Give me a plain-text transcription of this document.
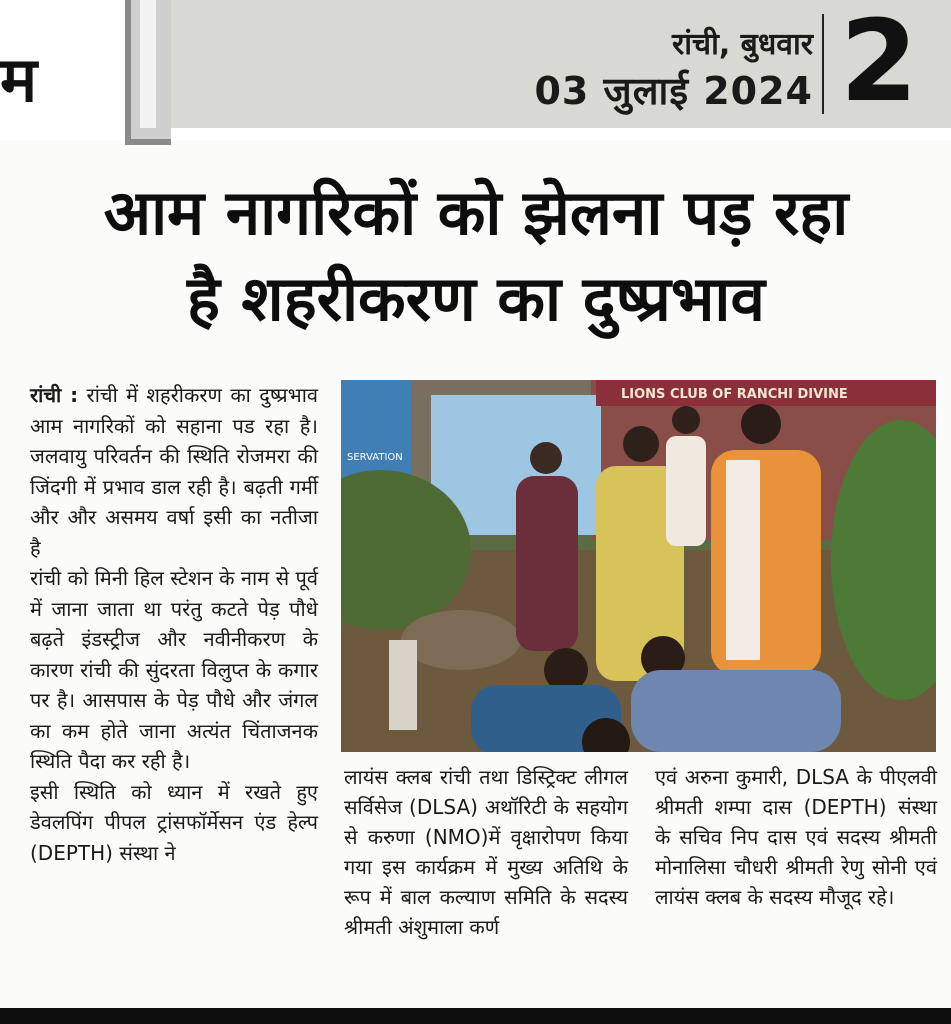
म	रांची, बुधवार
03 जुलाई 2024 2
आम नागरिकों को झेलना पड़ रहा
है शहरीकरण का दुष्प्रभाव

रांची : रांची में शहरीकरण का दुष्प्रभाव आम नागरिकों को सहाना पड रहा है। जलवायु परिवर्तन की स्थिति रोजमरा की जिंदगी में प्रभाव डाल रही है। बढ़ती गर्मी और और असमय वर्षा इसी का नतीजा है

रांची को मिनी हिल स्टेशन के नाम से पूर्व में जाना जाता था परंतु कटते पेड़ पौधे बढ़ते इंडस्ट्रीज और नवीनीकरण के कारण रांची की सुंदरता विलुप्त के कगार पर है। आसपास के पेड़ पौधे और जंगल का कम होते जाना अत्यंत चिंताजनक स्थिति पैदा कर रही है।

इसी स्थिति को ध्यान में रखते हुए डेवलपिंग पीपल ट्रांसफॉर्मेसन एंड हेल्प (DEPTH) संस्था ने

SERVATION
LIONS CLUB OF RANCHI DIVINE
लायंस क्लब रांची तथा डिस्ट्रिक्ट लीगल सर्विसेज (DLSA) अथॉरिटी के सहयोग से करुणा (NMO)में वृक्षारोपण किया गया इस कार्यक्रम में मुख्य अतिथि के रूप में बाल कल्याण समिति के सदस्य श्रीमती अंशुमाला कर्ण
एवं अरुना कुमारी, DLSA के पीएलवी श्रीमती शम्पा दास (DEPTH) संस्था के सचिव निप दास एवं सदस्य श्रीमती मोनालिसा चौधरी श्रीमती रेणु सोनी एवं लायंस क्लब के सदस्य मौजूद रहे।
